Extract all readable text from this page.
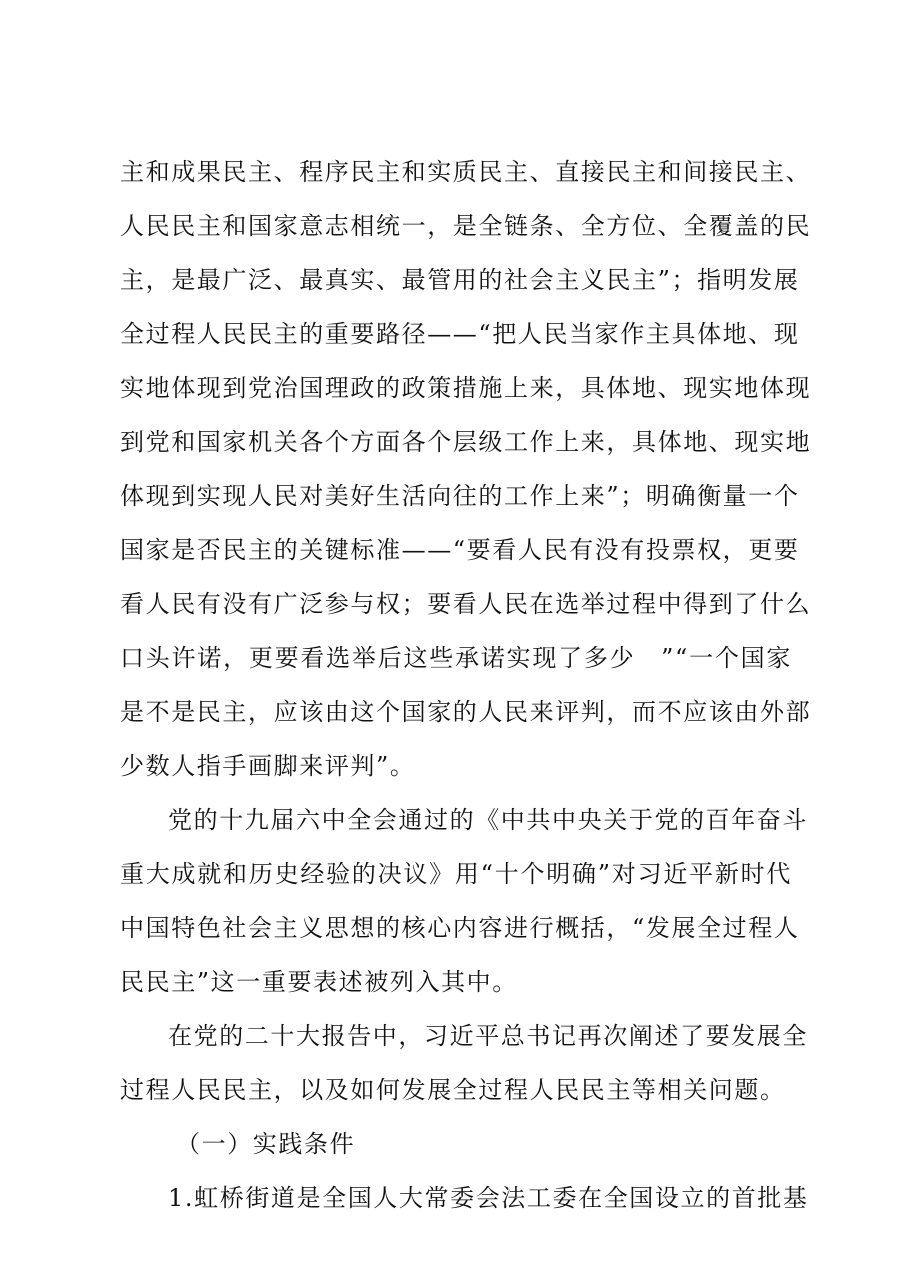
主和成果民主、程序民主和实质民主、直接民主和间接民主、
人民民主和国家意志相统一，是全链条、全方位、全覆盖的民
主，是最广泛、最真实、最管用的社会主义民主”；指明发展
全过程人民民主的重要路径——“把人民当家作主具体地、现
实地体现到党治国理政的政策措施上来，具体地、现实地体现
到党和国家机关各个方面各个层级工作上来，具体地、现实地
体现到实现人民对美好生活向往的工作上来”；明确衡量一个
国家是否民主的关键标准——“要看人民有没有投票权，更要
看人民有没有广泛参与权；要看人民在选举过程中得到了什么
口头许诺，更要看选举后这些承诺实现了多少　”“一个国家
是不是民主，应该由这个国家的人民来评判，而不应该由外部
少数人指手画脚来评判”。
党的十九届六中全会通过的《中共中央关于党的百年奋斗
重大成就和历史经验的决议》用“十个明确”对习近平新时代
中国特色社会主义思想的核心内容进行概括，“发展全过程人
民民主”这一重要表述被列入其中。
在党的二十大报告中，习近平总书记再次阐述了要发展全
过程人民民主，以及如何发展全过程人民民主等相关问题。
（一）实践条件
1.虹桥街道是全国人大常委会法工委在全国设立的首批基
